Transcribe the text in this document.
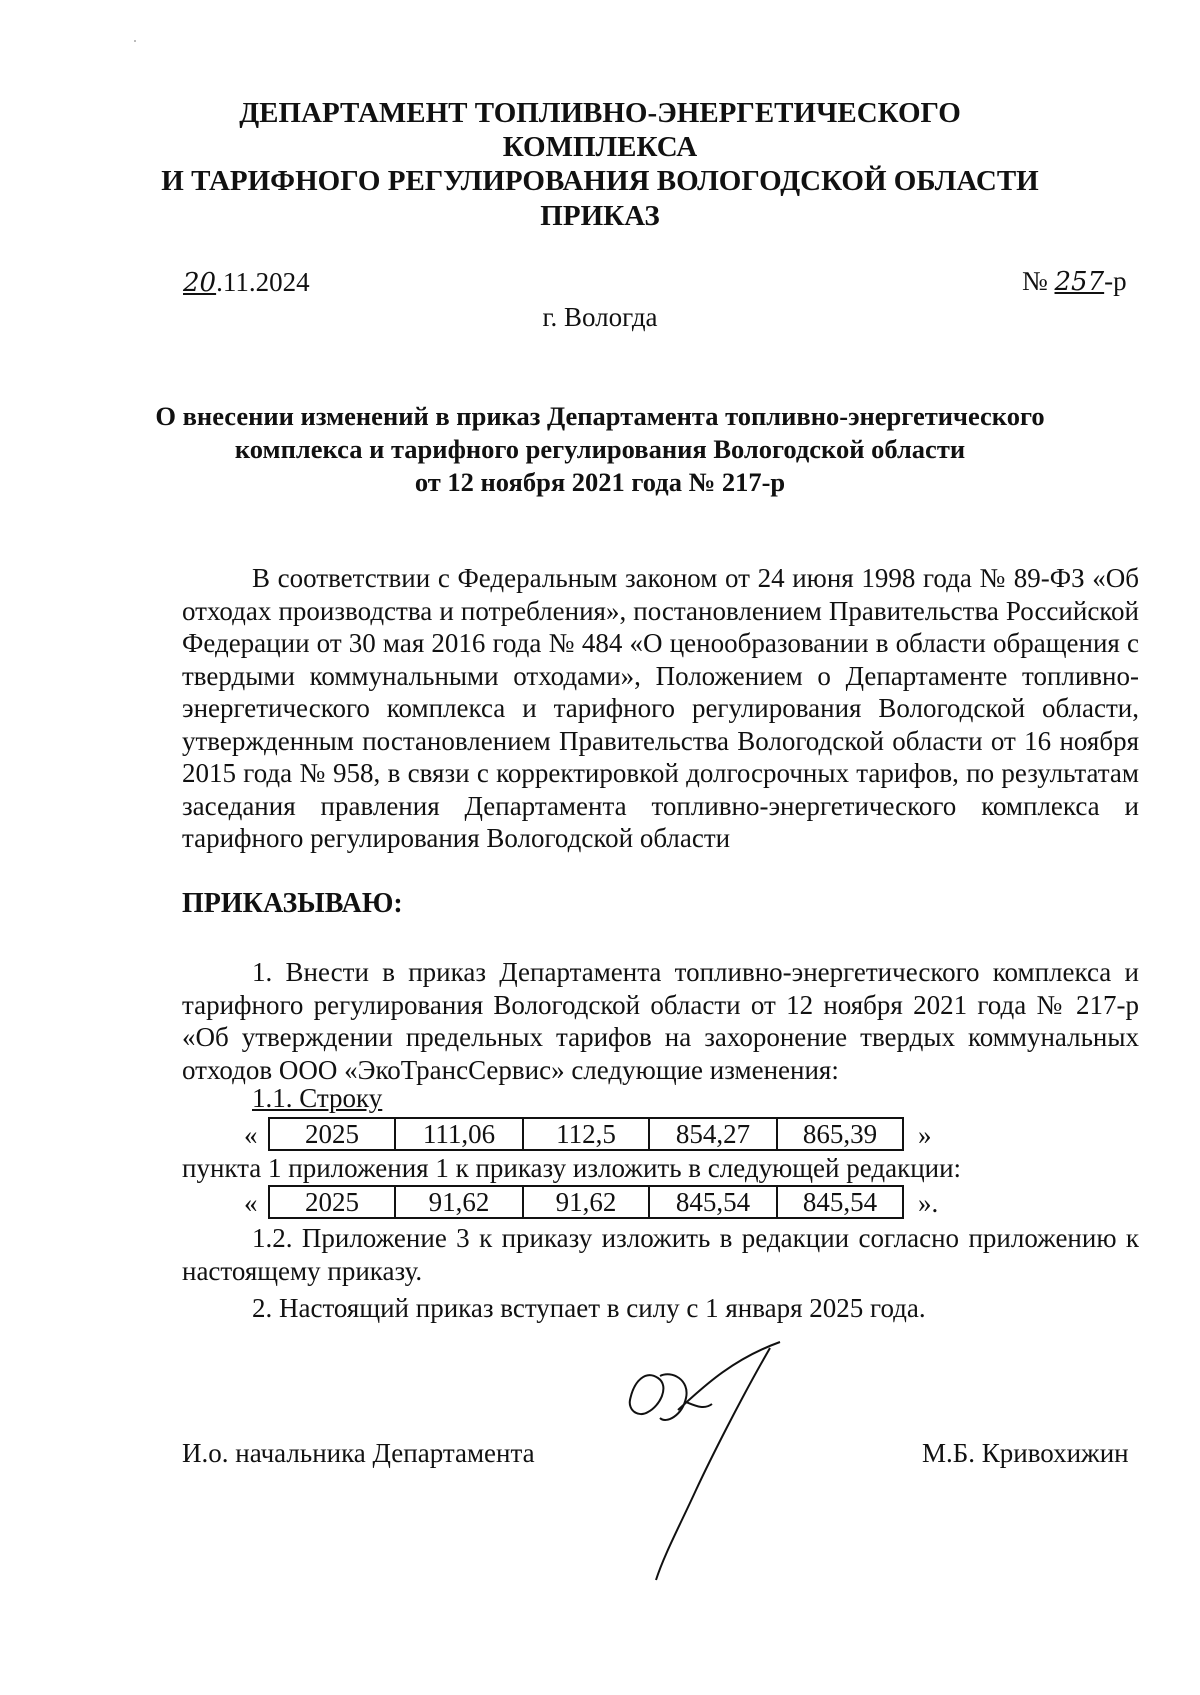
ДЕПАРТАМЕНТ ТОПЛИВНО-ЭНЕРГЕТИЧЕСКОГО КОМПЛЕКСА
И ТАРИФНОГО РЕГУЛИРОВАНИЯ ВОЛОГОДСКОЙ ОБЛАСТИ
ПРИКАЗ
20.11.2024	№ 257-р
г. Вологда
О внесении изменений в приказ Департамента топливно-энергетического
комплекса и тарифного регулирования Вологодской области
от 12 ноября 2021 года № 217-р

В соответствии с Федеральным законом от 24 июня 1998 года № 89-ФЗ «Об отходах производства и потребления», постановлением Правительства Российской Федерации от 30 мая 2016 года № 484 «О ценообразовании в области обращения с твердыми коммунальными отходами», Положением о Департаменте топливно-энергетического комплекса и тарифного регулирования Вологодской области, утвержденным постановлением Правительства Вологодской области от 16 ноября 2015 года № 958, в связи с корректировкой долгосрочных тарифов, по результатам заседания правления Департамента топливно-энергетического комплекса и тарифного регулирования Вологодской области

ПРИКАЗЫВАЮ:

1. Внести в приказ Департамента топливно-энергетического комплекса и тарифного регулирования Вологодской области от 12 ноября 2021 года № 217-р «Об утверждении предельных тарифов на захоронение твердых коммунальных отходов ООО «ЭкоТрансСервис» следующие изменения:

1.1. Строку
« 2025	111,06	112,5	854,27	865,39 »
пункта 1 приложения 1 к приказу изложить в следующей редакции:
« 2025	91,62	91,62	845,54	845,54 ».

1.2. Приложение 3 к приказу изложить в редакции согласно приложению к настоящему приказу.

2. Настоящий приказ вступает в силу с 1 января 2025 года.
И.о. начальника Департамента	М.Б. Кривохижин
